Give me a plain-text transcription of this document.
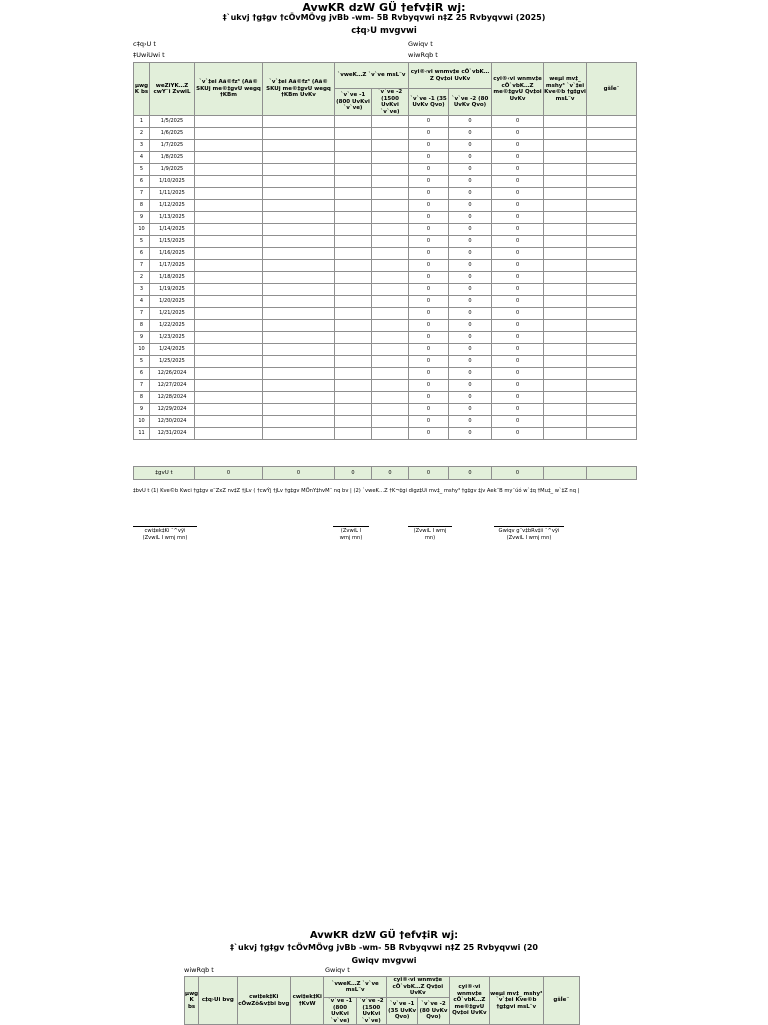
AvwKR dzW GÜ †efv‡iR wj:
‡`ukvj †g‡gv †cÖvMÖvg jvBb -wm- 5B Rvbyqvwi n‡Z 25 Rvbyqvwi (2025)
c‡q›U mvgvwi
c‡q›U t
‡UwiUwi t
Gwiqv t
wiwRqb t
µwg K bs	weZiYK…Z cwY¨i ZvwiL	`v`‡ei Aã©fz³ (Aã© SKUj me©‡gvU wegq †KBm	`v`‡ei Aã©fz³ (Aã© SKUj me©‡gvU wegq †KBm UvKv	`vweK…Z `v`ve msL¨v		cyi®‹vi wnmv‡e cÖ`vbK…Z Qv‡oi UvKv		cyi®‹vi wnmv‡e cÖ`vbK…Z me©‡gvU Qv‡oi UvKv	weµi mv‡_ mshy³ `v`‡ei Kve©b †g‡gvi msL¨v	gšÍe¨
				`v`ve -1 (800 UvKvi `v`ve)	`v`ve -2 (1500 UvKvi `v`ve)	`v`ve -1 (35 UvKv Qvo)	`v`ve -2 (80 UvKv Qvo)			
1	1/5/2025					0	0	0		
2	1/6/2025					0	0	0		
3	1/7/2025					0	0	0		
4	1/8/2025					0	0	0		
5	1/9/2025					0	0	0		
6	1/10/2025					0	0	0		
7	1/11/2025					0	0	0		
8	1/12/2025					0	0	0		
9	1/13/2025					0	0	0		
10	1/14/2025					0	0	0		
5	1/15/2025					0	0	0		
6	1/16/2025					0	0	0		
7	1/17/2025					0	0	0		
2	1/18/2025					0	0	0		
3	1/19/2025					0	0	0		
4	1/20/2025					0	0	0		
7	1/21/2025					0	0	0		
8	1/22/2025					0	0	0		
9	1/23/2025					0	0	0		
10	1/24/2025					0	0	0		
5	1/25/2025					0	0	0		
6	12/26/2024					0	0	0		
7	12/27/2024					0	0	0		
8	12/28/2024					0	0	0		
9	12/29/2024					0	0	0		
10	12/30/2024					0	0	0		
11	12/31/2024					0	0	0		
‡gvU t	0	0	0	0	0	0	0		
‡bvU t (1) Kve©b Kwci †g‡gv e¨ZxZ nv‡Z †jLv ( †cwÝj †jLv †g‡gv MÖnY‡hvM¨ nq bv | (2) `vweK…Z †K¬‡gi digz‡Ui mv‡_ mshy³ †g‡gv ‡jv Aek¨B my¯úó w`‡q †Mu‡_ w`‡Z nq |
cwi‡ek‡Ki ¯^vÿi
(ZvwiL I wmj mn)
(ZvwiL I
wmj mn)
(ZvwiL I wmj
mn)
Gwiqv g¨v‡bRv‡ii ¯^vÿi
(ZvwiL I wmj mn)
AvwKR dzW GÜ †efv‡iR wj:
‡`ukvj †g‡gv †cÖvMÖvg jvBb -wm- 5B Rvbyqvwi n‡Z 25 Rvbyqvwi (20
Gwiqv mvgvwi
wiwRqb t	Gwiqv t
µwg K bs	c‡q›Ui bvg	cwi‡ek‡Ki cÖwZô&v‡bi bvg	cwi‡ek‡Ki †KvW	`vweK…Z `v`ve msL¨v		cyi®‹vi wnmv‡e cÖ`vbK…Z Qv‡oi UvKv		cyi®‹vi wnmv‡e cÖ`vbK…Z me©‡gvU Qv‡oi UvKv	weµi mv‡_ mshy³ `v`‡ei Kve©b †g‡gvi msL¨v	gšÍe¨
				`v`ve -1 (800 UvKvi `v`ve)	`v`ve -2 (1500 UvKvi `v`ve)	`v`ve -1 (35 UvKv Qvo)	`v`ve -2 (80 UvKv Qvo)			
